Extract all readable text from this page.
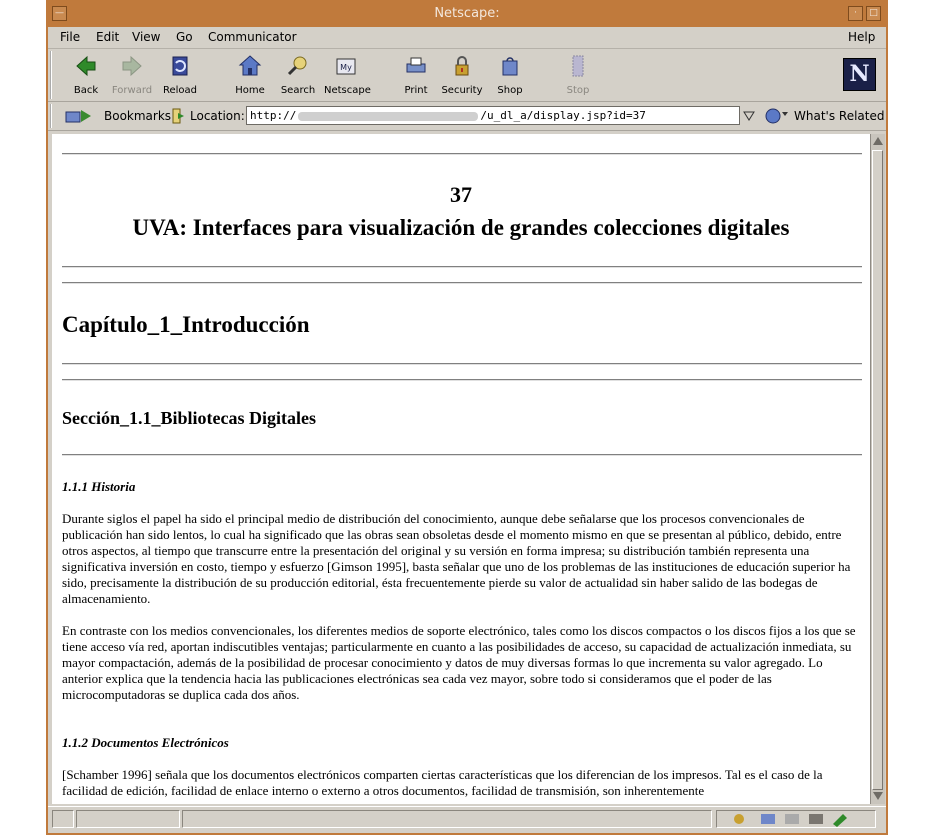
—	Netscape:	·	□
File Edit View Go Communicator	Help
Back	Forward	Reload	Home	Search
My
Netscape	Print	Security	Shop	Stop
N
Bookmarks Location: http://	/u_dl_a/display.jsp?id=37	What's Related
37
UVA: Interfaces para visualización de grandes colecciones digitales
Capítulo_1_Introducción
Sección_1.1_Bibliotecas Digitales
1.1.1 Historia
Durante siglos el papel ha sido el principal medio de distribución del conocimiento, aunque debe señalarse que los procesos convencionales de publicación han sido lentos, lo cual ha significado que las obras sean obsoletas desde el momento mismo en que se presentan al público, debido, entre otros aspectos, al tiempo que transcurre entre la presentación del original y su versión en forma impresa; su distribución también representa una significativa inversión en costo, tiempo y esfuerzo [Gimson 1995], basta señalar que uno de los problemas de las instituciones de educación superior ha sido, precisamente la distribución de su producción editorial, ésta frecuentemente pierde su valor de actualidad sin haber salido de las bodegas de almacenamiento.
En contraste con los medios convencionales, los diferentes medios de soporte electrónico, tales como los discos compactos o los discos fijos a los que se tiene acceso vía red, aportan indiscutibles ventajas; particularmente en cuanto a las posibilidades de acceso, su capacidad de actualización inmediata, su mayor compactación, además de la posibilidad de procesar conocimiento y datos de muy diversas formas lo que incrementa su valor agregado. Lo anterior explica que la tendencia hacia las publicaciones electrónicas sea cada vez mayor, sobre todo si consideramos que el poder de las microcomputadoras se duplica cada dos años.
1.1.2 Documentos Electrónicos
[Schamber 1996] señala que los documentos electrónicos comparten ciertas características que los diferencian de los impresos. Tal es el caso de la facilidad de edición, facilidad de enlace interno o externo a otros documentos, facilidad de transmisión, son inherentemente
